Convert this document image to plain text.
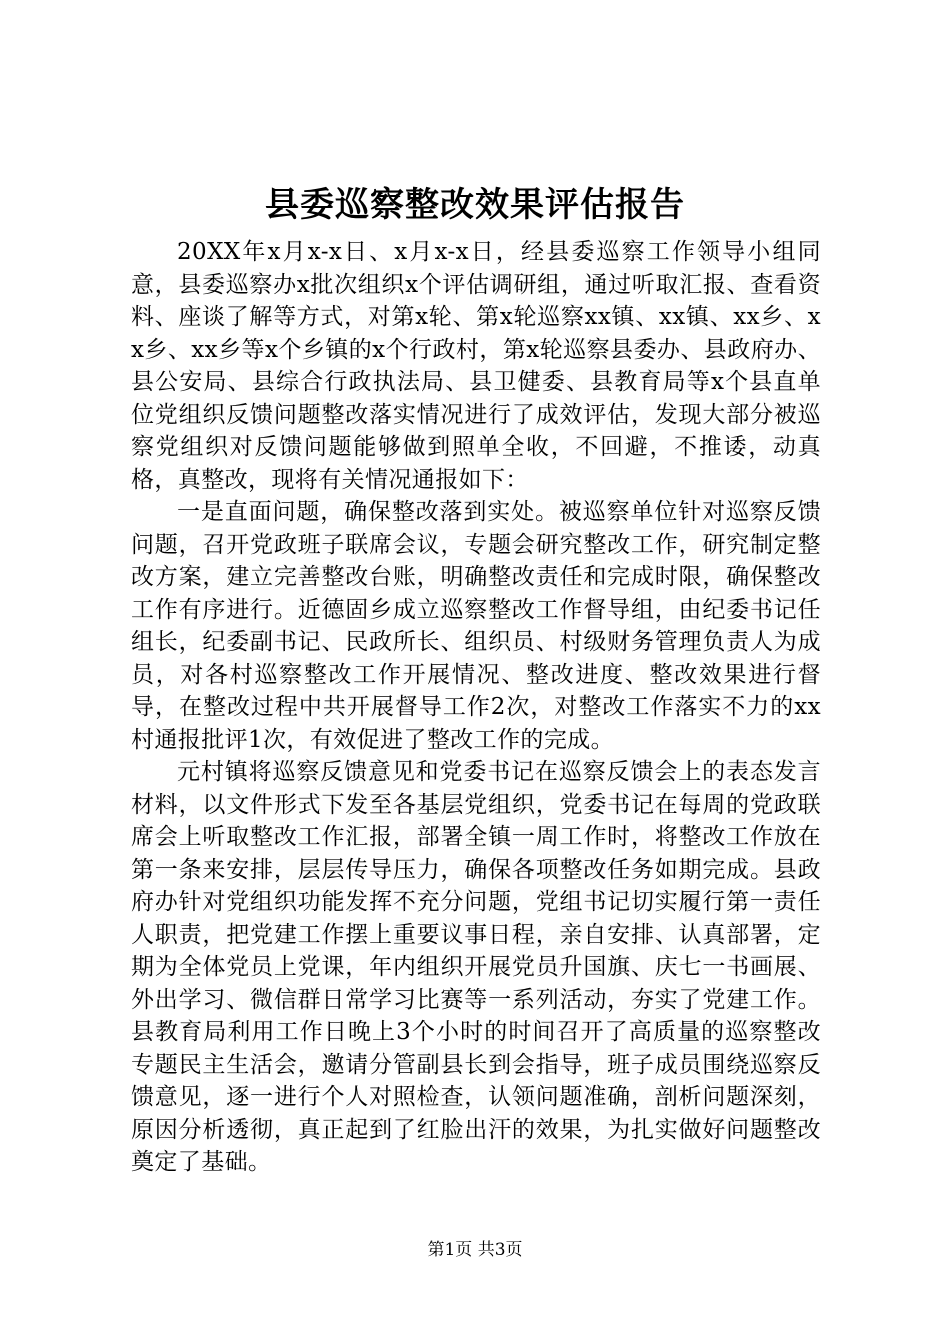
县委巡察整改效果评估报告

20XX年x月x-x日、x月x-x日，经县委巡察工作领导小组同意，县委巡察办x批次组织x个评估调研组，通过听取汇报、查看资料、座谈了解等方式，对第x轮、第x轮巡察xx镇、xx镇、xx乡、xx乡、xx乡等x个乡镇的x个行政村，第x轮巡察县委办、县政府办、县公安局、县综合行政执法局、县卫健委、县教育局等x个县直单位党组织反馈问题整改落实情况进行了成效评估，发现大部分被巡察党组织对反馈问题能够做到照单全收，不回避，不推诿，动真格，真整改，现将有关情况通报如下：

一是直面问题，确保整改落到实处。被巡察单位针对巡察反馈问题，召开党政班子联席会议，专题会研究整改工作，研究制定整改方案，建立完善整改台账，明确整改责任和完成时限，确保整改工作有序进行。近德固乡成立巡察整改工作督导组，由纪委书记任组长，纪委副书记、民政所长、组织员、村级财务管理负责人为成员，对各村巡察整改工作开展情况、整改进度、整改效果进行督导，在整改过程中共开展督导工作2次，对整改工作落实不力的xx村通报批评1次，有效促进了整改工作的完成。

元村镇将巡察反馈意见和党委书记在巡察反馈会上的表态发言材料，以文件形式下发至各基层党组织，党委书记在每周的党政联席会上听取整改工作汇报，部署全镇一周工作时，将整改工作放在第一条来安排，层层传导压力，确保各项整改任务如期完成。县政府办针对党组织功能发挥不充分问题，党组书记切实履行第一责任人职责，把党建工作摆上重要议事日程，亲自安排、认真部署，定期为全体党员上党课，年内组织开展党员升国旗、庆七一书画展、外出学习、微信群日常学习比赛等一系列活动，夯实了党建工作。县教育局利用工作日晚上3个小时的时间召开了高质量的巡察整改专题民主生活会，邀请分管副县长到会指导，班子成员围绕巡察反馈意见，逐一进行个人对照检查，认领问题准确，剖析问题深刻，原因分析透彻，真正起到了红脸出汗的效果，为扎实做好问题整改奠定了基础。

第1页 共3页
